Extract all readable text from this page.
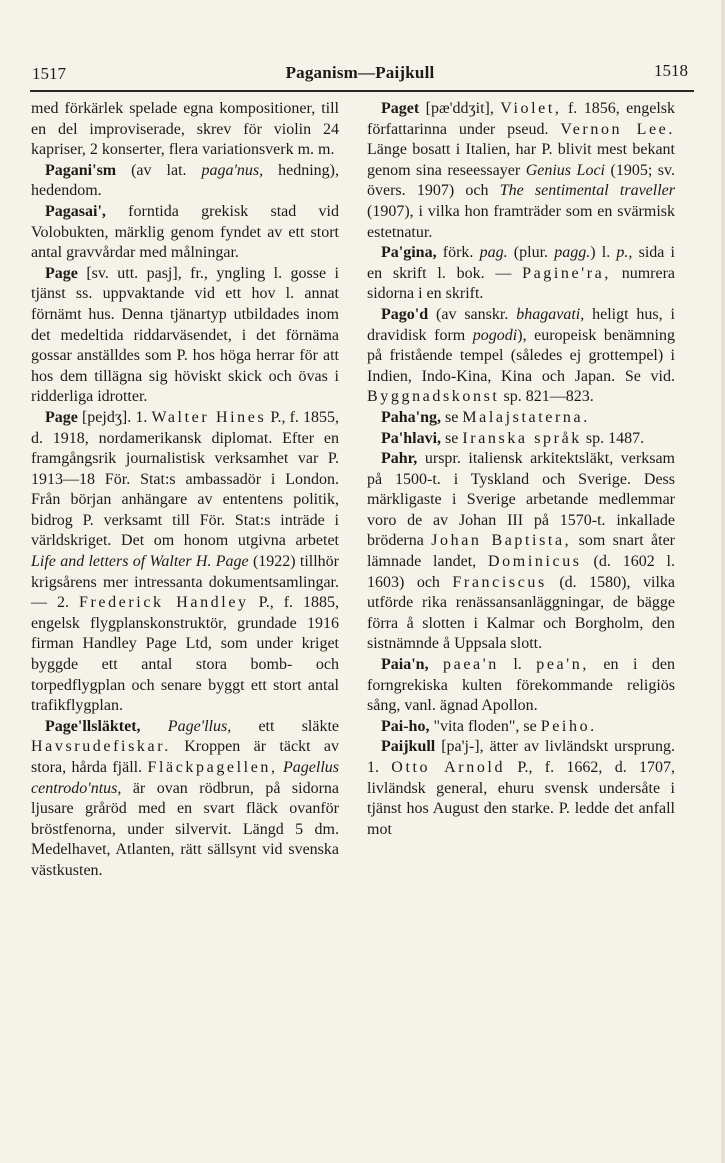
1517	Paganism—Paijkull	1518

med förkärlek spelade egna kompositioner, till en del improviserade, skrev för violin 24 kapriser, 2 konserter, flera variationsverk m. m.

Pagani'sm (av lat. paga'nus, hedning), hedendom.

Pagasai', forntida grekisk stad vid Volobukten, märklig genom fyndet av ett stort antal gravvårdar med målningar.

Page [sv. utt. pasj], fr., yngling l. gosse i tjänst ss. uppvaktande vid ett hov l. annat förnämt hus. Denna tjänartyp utbildades inom det medeltida riddarväsendet, i det förnäma gossar anställdes som P. hos höga herrar för att hos dem tillägna sig höviskt skick och övas i ridderliga idrotter.

Page [pejdʒ]. 1. Walter Hines P., f. 1855, d. 1918, nordamerikansk diplomat. Efter en framgångsrik journalistisk verksamhet var P. 1913—18 För. Stat:s ambassadör i London. Från början anhängare av ententens politik, bidrog P. verksamt till För. Stat:s inträde i världskriget. Det om honom utgivna arbetet Life and letters of Walter H. Page (1922) tillhör krigsårens mer intressanta dokumentsamlingar. — 2. Frederick Handley P., f. 1885, engelsk flygplanskonstruktör, grundade 1916 firman Handley Page Ltd, som under kriget byggde ett antal stora bomb- och torpedflygplan och senare byggt ett stort antal trafikflygplan.

Page'llsläktet, Page'llus, ett släkte Havsrudefiskar. Kroppen är täckt av stora, hårda fjäll. Fläckpagellen, Pagellus centrodo'ntus, är ovan rödbrun, på sidorna ljusare gråröd med en svart fläck ovanför bröstfenorna, under silvervit. Längd 5 dm. Medelhavet, Atlanten, rätt sällsynt vid svenska västkusten.

Paget [pæ'ddʒit], Violet, f. 1856, engelsk författarinna under pseud. Vernon Lee. Länge bosatt i Italien, har P. blivit mest bekant genom sina reseessayer Genius Loci (1905; sv. övers. 1907) och The sentimental traveller (1907), i vilka hon framträder som en svärmisk estetnatur.

Pa'gina, förk. pag. (plur. pagg.) l. p., sida i en skrift l. bok. — Pagine'ra, numrera sidorna i en skrift.

Pago'd (av sanskr. bhagavati, heligt hus, i dravidisk form pogodi), europeisk benämning på fristående tempel (således ej grottempel) i Indien, Indo-Kina, Kina och Japan. Se vid. Byggnadskonst sp. 821—823.

Paha'ng, se Malajstaterna.

Pa'hlavi, se Iranska språk sp. 1487.

Pahr, urspr. italiensk arkitektsläkt, verksam på 1500-t. i Tyskland och Sverige. Dess märkligaste i Sverige arbetande medlemmar voro de av Johan III på 1570-t. inkallade bröderna Johan Baptista, som snart åter lämnade landet, Dominicus (d. 1602 l. 1603) och Franciscus (d. 1580), vilka utförde rika renässansanläggningar, de bägge förra å slotten i Kalmar och Borgholm, den sistnämnde å Uppsala slott.

Paia'n, paea'n l. pea'n, en i den forngrekiska kulten förekommande religiös sång, vanl. ägnad Apollon.

Pai-ho, "vita floden", se Peiho.

Paijkull [pa'j-], ätter av livländskt ursprung. 1. Otto Arnold P., f. 1662, d. 1707, livländsk general, ehuru svensk undersåte i tjänst hos August den starke. P. ledde det anfall mot
